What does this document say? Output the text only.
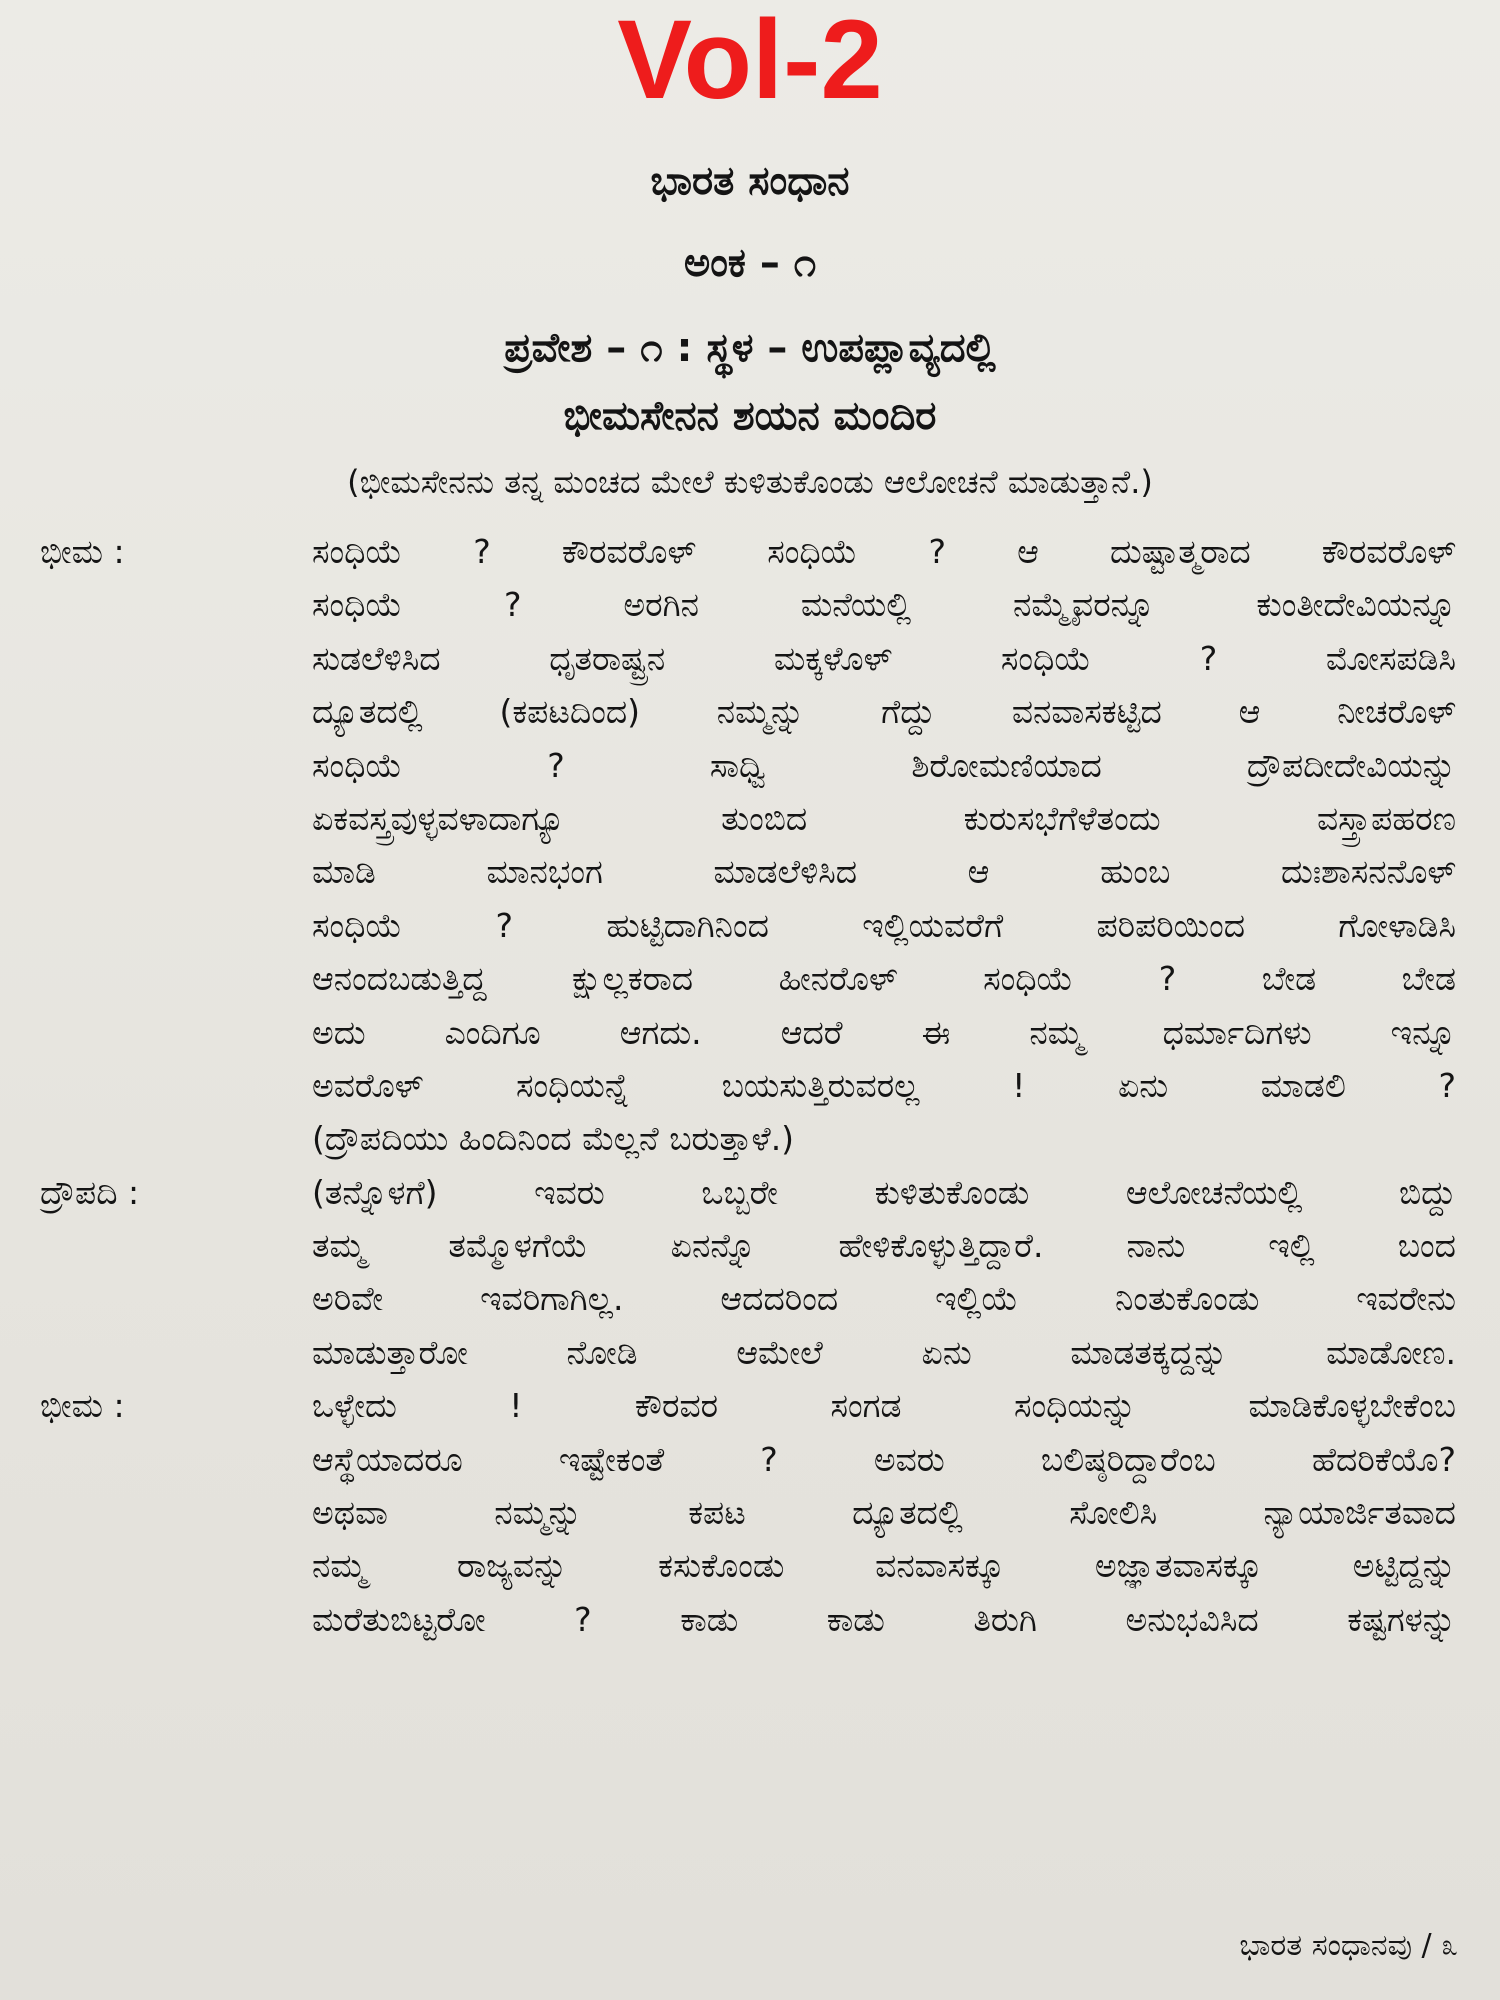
Vol-2
ಭಾರತ ಸಂಧಾನ
ಅಂಕ – ೧
ಪ್ರವೇಶ – ೧ : ಸ್ಥಳ – ಉಪಪ್ಲಾವ್ಯದಲ್ಲಿ
ಭೀಮಸೇನನ ಶಯನ ಮಂದಿರ
(ಭೀಮಸೇನನು ತನ್ನ ಮಂಚದ ಮೇಲೆ ಕುಳಿತುಕೊಂಡು ಆಲೋಚನೆ ಮಾಡುತ್ತಾನೆ.)
ಭೀಮ :	ಸಂಧಿಯೆ ? ಕೌರವರೊಳ್ ಸಂಧಿಯೆ ? ಆ ದುಷ್ಟಾತ್ಮರಾದ ಕೌರವರೊಳ್
ಸಂಧಿಯೆ ? ಅರಗಿನ ಮನೆಯಲ್ಲಿ ನಮ್ಮೈವರನ್ನೂ ಕುಂತೀದೇವಿಯನ್ನೂ
ಸುಡಲೆಳಿಸಿದ ಧೃತರಾಷ್ಟ್ರನ ಮಕ್ಕಳೊಳ್ ಸಂಧಿಯೆ ? ಮೋಸಪಡಿಸಿ
ದ್ಯೂತದಲ್ಲಿ (ಕಪಟದಿಂದ) ನಮ್ಮನ್ನು ಗೆದ್ದು ವನವಾಸಕಟ್ಟಿದ ಆ ನೀಚರೊಳ್
ಸಂಧಿಯೆ ? ಸಾಧ್ವಿ ಶಿರೋಮಣಿಯಾದ ದ್ರೌಪದೀದೇವಿಯನ್ನು
ಏಕವಸ್ತ್ರವುಳ್ಳವಳಾದಾಗ್ಯೂ ತುಂಬಿದ ಕುರುಸಭೆಗೆಳೆತಂದು ವಸ್ತ್ರಾಪಹರಣ
ಮಾಡಿ ಮಾನಭಂಗ ಮಾಡಲೆಳಿಸಿದ ಆ ಹುಂಬ ದುಃಶಾಸನನೊಳ್
ಸಂಧಿಯೆ ? ಹುಟ್ಟಿದಾಗಿನಿಂದ ಇಲ್ಲಿಯವರೆಗೆ ಪರಿಪರಿಯಿಂದ ಗೋಳಾಡಿಸಿ
ಆನಂದಬಡುತ್ತಿದ್ದ ಕ್ಷುಲ್ಲಕರಾದ ಹೀನರೊಳ್ ಸಂಧಿಯೆ ? ಬೇಡ ಬೇಡ
ಅದು ಎಂದಿಗೂ ಆಗದು. ಆದರೆ ಈ ನಮ್ಮ ಧರ್ಮಾದಿಗಳು ಇನ್ನೂ
ಅವರೊಳ್ ಸಂಧಿಯನ್ನೆ ಬಯಸುತ್ತಿರುವರಲ್ಲ ! ಏನು ಮಾಡಲಿ ?
(ದ್ರೌಪದಿಯು ಹಿಂದಿನಿಂದ ಮೆಲ್ಲನೆ ಬರುತ್ತಾಳೆ.)
ದ್ರೌಪದಿ :	(ತನ್ನೊಳಗೆ) ಇವರು ಒಬ್ಬರೇ ಕುಳಿತುಕೊಂಡು ಆಲೋಚನೆಯಲ್ಲಿ ಬಿದ್ದು
ತಮ್ಮ ತಮ್ಮೊಳಗೆಯೆ ಏನನ್ನೊ ಹೇಳಿಕೊಳ್ಳುತ್ತಿದ್ದಾರೆ. ನಾನು ಇಲ್ಲಿ ಬಂದ
ಅರಿವೇ ಇವರಿಗಾಗಿಲ್ಲ. ಆದದರಿಂದ ಇಲ್ಲಿಯೆ ನಿಂತುಕೊಂಡು ಇವರೇನು
ಮಾಡುತ್ತಾರೋ ನೋಡಿ ಆಮೇಲೆ ಏನು ಮಾಡತಕ್ಕದ್ದನ್ನು ಮಾಡೋಣ.
ಭೀಮ :	ಒಳ್ಳೇದು ! ಕೌರವರ ಸಂಗಡ ಸಂಧಿಯನ್ನು ಮಾಡಿಕೊಳ್ಳಬೇಕೆಂಬ
ಆಸ್ಥೆಯಾದರೂ ಇಷ್ಟೇಕಂತೆ ? ಅವರು ಬಲಿಷ್ಠರಿದ್ದಾರೆಂಬ ಹೆದರಿಕೆಯೊ?
ಅಥವಾ ನಮ್ಮನ್ನು ಕಪಟ ದ್ಯೂತದಲ್ಲಿ ಸೋಲಿಸಿ ನ್ಯಾಯಾರ್ಜಿತವಾದ
ನಮ್ಮ ರಾಜ್ಯವನ್ನು ಕಸುಕೊಂಡು ವನವಾಸಕ್ಕೂ ಅಜ್ಞಾತವಾಸಕ್ಕೂ ಅಟ್ಟಿದ್ದನ್ನು
ಮರೆತುಬಿಟ್ಟರೋ ? ಕಾಡು ಕಾಡು ತಿರುಗಿ ಅನುಭವಿಸಿದ ಕಷ್ಟಗಳನ್ನು
ಭಾರತ ಸಂಧಾನವು / ೩
